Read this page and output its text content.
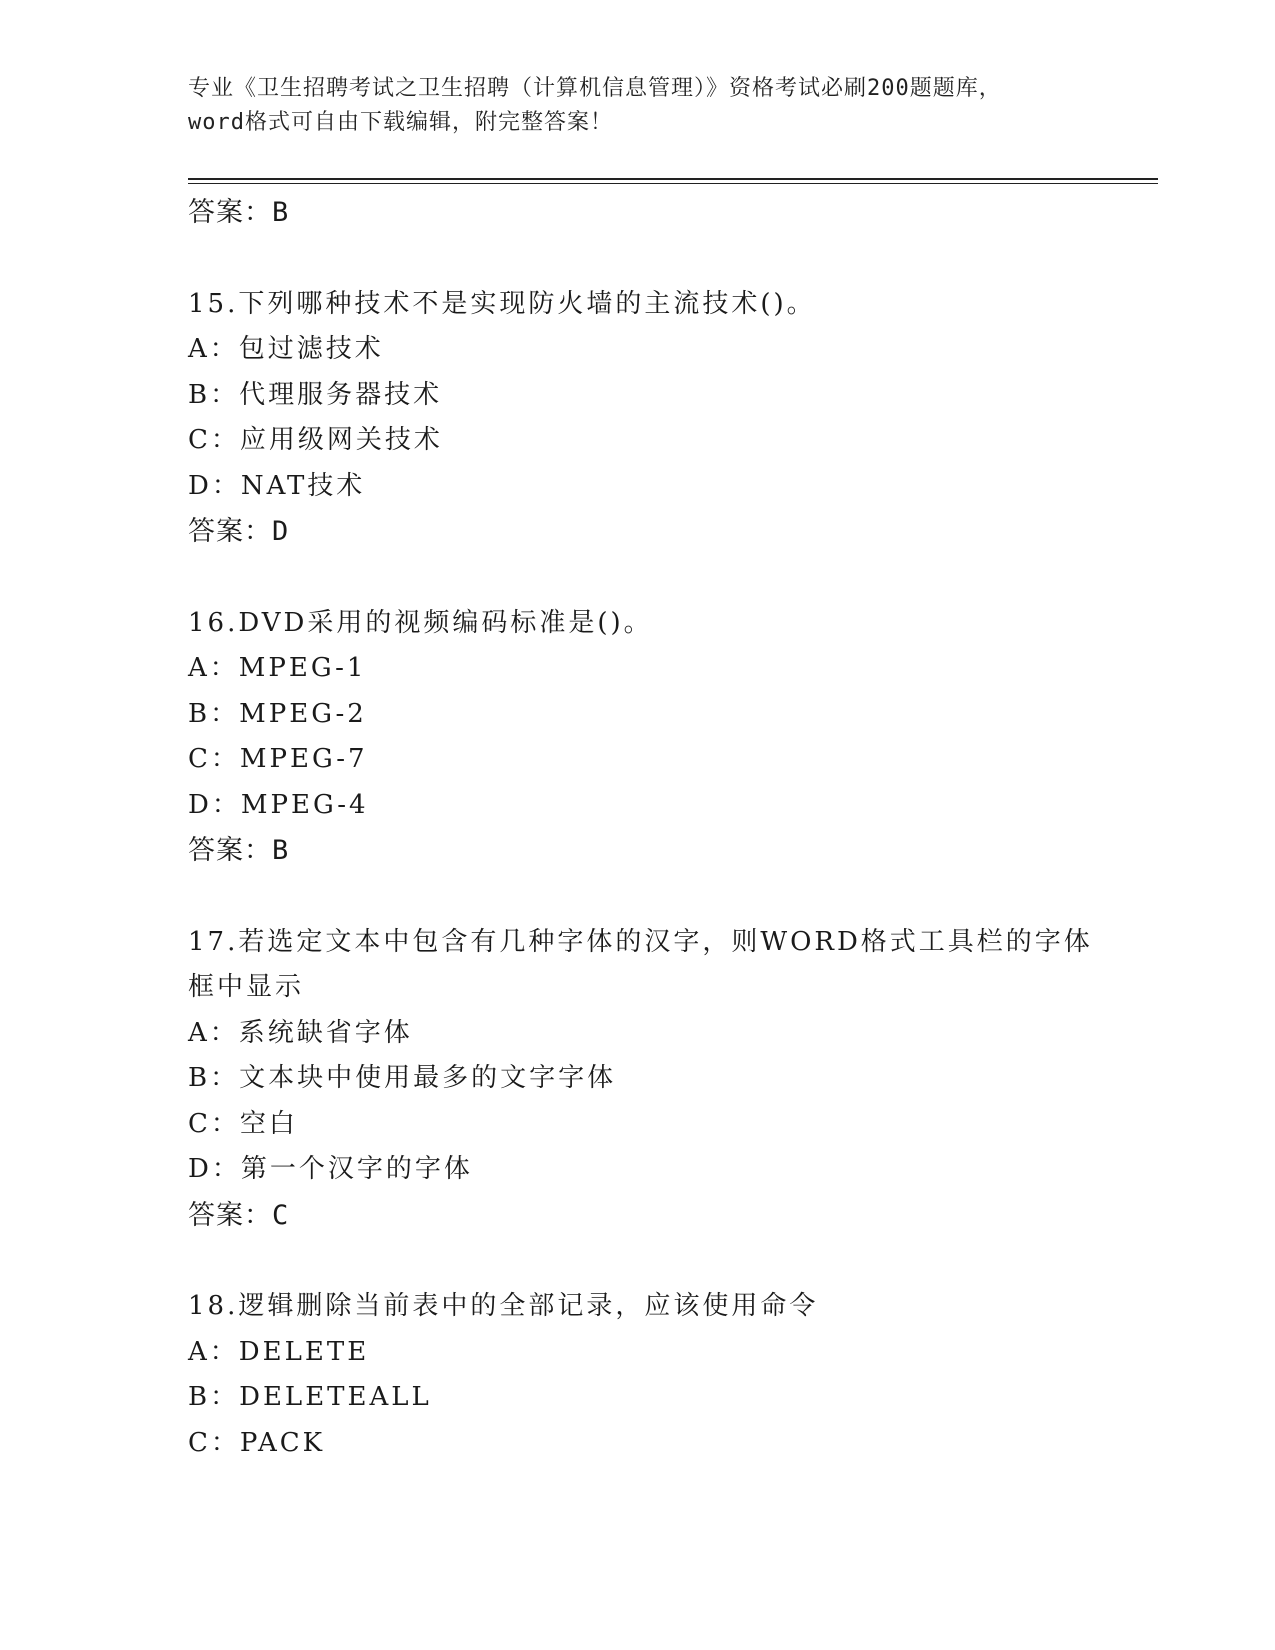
专业《卫生招聘考试之卫生招聘（计算机信息管理）》资格考试必刷200题题库，
word格式可自由下载编辑，附完整答案！
答案：B
15.下列哪种技术不是实现防火墙的主流技术()。
A：包过滤技术
B：代理服务器技术
C：应用级网关技术
D：NAT技术
答案：D
16.DVD采用的视频编码标准是()。
A：MPEG-1
B：MPEG-2
C：MPEG-7
D：MPEG-4
答案：B
17.若选定文本中包含有几种字体的汉字，则WORD格式工具栏的字体
框中显示
A：系统缺省字体
B：文本块中使用最多的文字字体
C：空白
D：第一个汉字的字体
答案：C
18.逻辑删除当前表中的全部记录，应该使用命令
A：DELETE
B：DELETEALL
C：PACK
